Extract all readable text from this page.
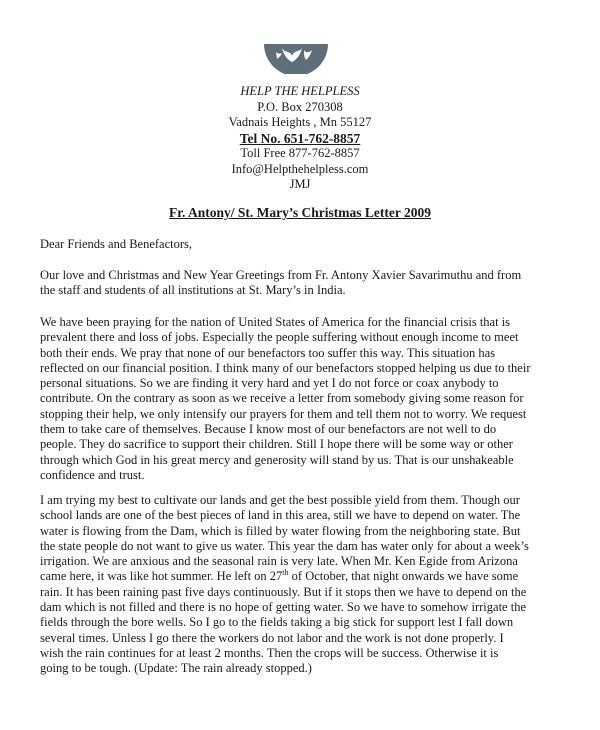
HELP THE HELPLESS
P.O. Box 270308
Vadnais Heights , Mn 55127
Tel No. 651-762-8857
Toll Free 877-762-8857
Info@Helpthehelpless.com
JMJ
Fr. Antony/ St. Mary’s Christmas Letter 2009
Dear Friends and Benefactors,
Our love and Christmas and New Year Greetings from Fr. Antony Xavier Savarimuthu and from
the staff and students of all institutions at St. Mary’s in India.
We have been praying for the nation of United States of America for the financial crisis that is
prevalent there and loss of jobs. Especially the people suffering without enough income to meet
both their ends. We pray that none of our benefactors too suffer this way. This situation has
reflected on our financial position. I think many of our benefactors stopped helping us due to their
personal situations. So we are finding it very hard and yet I do not force or coax anybody to
contribute. On the contrary as soon as we receive a letter from somebody giving some reason for
stopping their help, we only intensify our prayers for them and tell them not to worry. We request
them to take care of themselves. Because I know most of our benefactors are not well to do
people. They do sacrifice to support their children. Still I hope there will be some way or other
through which God in his great mercy and generosity will stand by us. That is our unshakeable
confidence and trust.
I am trying my best to cultivate our lands and get the best possible yield from them. Though our
school lands are one of the best pieces of land in this area, still we have to depend on water. The
water is flowing from the Dam, which is filled by water flowing from the neighboring state. But
the state people do not want to give us water. This year the dam has water only for about a week’s
irrigation. We are anxious and the seasonal rain is very late. When Mr. Ken Egide from Arizona
came here, it was like hot summer. He left on 27th of October, that night onwards we have some
rain. It has been raining past five days continuously. But if it stops then we have to depend on the
dam which is not filled and there is no hope of getting water. So we have to somehow irrigate the
fields through the bore wells. So I go to the fields taking a big stick for support lest I fall down
several times. Unless I go there the workers do not labor and the work is not done properly. I
wish the rain continues for at least 2 months. Then the crops will be success. Otherwise it is
going to be tough. (Update: The rain already stopped.)
